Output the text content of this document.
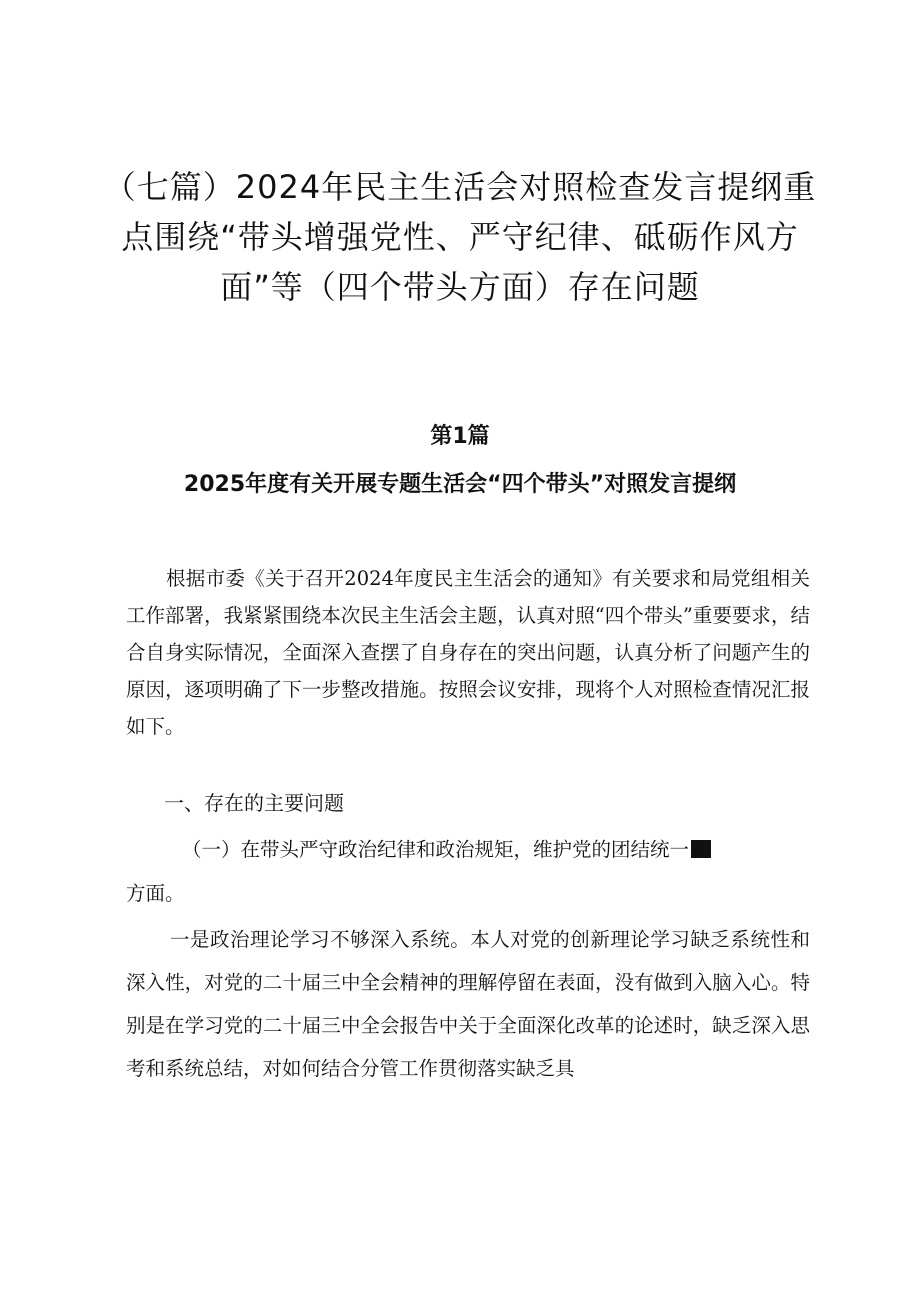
（七篇）2024年民主生活会对照检查发言提纲重点围绕“带头增强党性、严守纪律、砥砺作风方面”等（四个带头方面）存在问题
第1篇
2025年度有关开展专题生活会“四个带头”对照发言提纲

根据市委《关于召开2024年度民主生活会的通知》有关要求和局党组相关工作部署，我紧紧围绕本次民主生活会主题，认真对照“四个带头”重要要求，结合自身实际情况，全面深入查摆了自身存在的突出问题，认真分析了问题产生的原因，逐项明确了下一步整改措施。按照会议安排，现将个人对照检查情况汇报如下。

一、存在的主要问题

（一）在带头严守政治纪律和政治规矩，维护党的团结统一
方面。

一是政治理论学习不够深入系统。本人对党的创新理论学习缺乏系统性和深入性，对党的二十届三中全会精神的理解停留在表面，没有做到入脑入心。特别是在学习党的二十届三中全会报告中关于全面深化改革的论述时，缺乏深入思考和系统总结，对如何结合分管工作贯彻落实缺乏具
